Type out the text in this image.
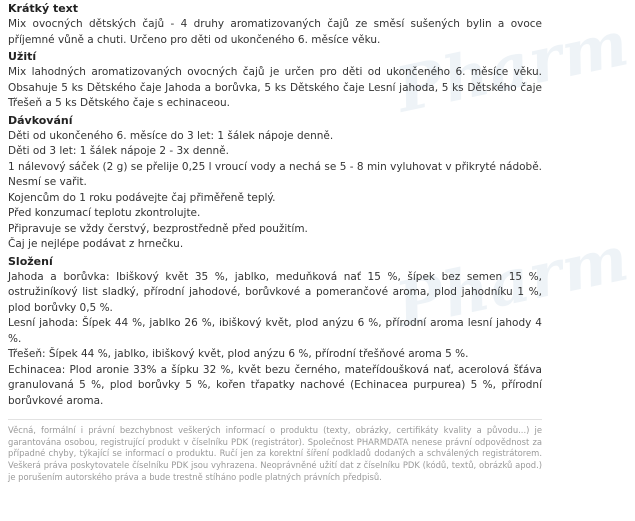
Pharm
Pharm
Krátký text

Mix ovocných dětských čajů - 4 druhy aromatizovaných čajů ze směsí sušených bylin a ovoce příjemné vůně a chuti. Určeno pro děti od ukončeného 6. měsíce věku.

Užití

Mix lahodných aromatizovaných ovocných čajů je určen pro děti od ukončeného 6. měsíce věku. Obsahuje 5 ks Dětského čaje Jahoda a borůvka, 5 ks Dětského čaje Lesní jahoda, 5 ks Dětského čaje Třešeň a 5 ks Dětského čaje s echinaceou.

Dávkování

Děti od ukončeného 6. měsíce do 3 let: 1 šálek nápoje denně.

Děti od 3 let: 1 šálek nápoje 2 - 3x denně.

1 nálevový sáček (2 g) se přelije 0,25 l vroucí vody a nechá se 5 - 8 min vyluhovat v přikryté nádobě. Nesmí se vařit.

Kojencům do 1 roku podávejte čaj přiměřeně teplý.

Před konzumací teplotu zkontrolujte.

Připravuje se vždy čerstvý, bezprostředně před použitím.

Čaj je nejlépe podávat z hrnečku.

Složení

Jahoda a borůvka: Ibiškový květ 35 %, jablko, meduňková nať 15 %, šípek bez semen 15 %, ostružiníkový list sladký, přírodní jahodové, borůvkové a pomerančové aroma, plod jahodníku 1 %, plod borůvky 0,5 %.

Lesní jahoda: Šípek 44 %, jablko 26 %, ibiškový květ, plod anýzu 6 %, přírodní aroma lesní jahody 4 %.

Třešeň: Šípek 44 %, jablko, ibiškový květ, plod anýzu 6 %, přírodní třešňové aroma 5 %.

Echinacea: Plod aronie 33% a šípku 32 %, květ bezu černého, mateřídoušková nať, acerolová šťáva granulovaná 5 %, plod borůvky 5 %, kořen třapatky nachové (Echinacea purpurea) 5 %, přírodní borůvkové aroma.

Věcná, formální i právní bezchybnost veškerých informací o produktu (texty, obrázky, certifikáty kvality a původu...) je garantována osobou, registrující produkt v číselníku PDK (registrátor). Společnost PHARMDATA nenese právní odpovědnost za případné chyby, týkající se informací o produktu. Ručí jen za korektní šíření podkladů dodaných a schválených registrátorem. Veškerá práva poskytovatele číselníku PDK jsou vyhrazena. Neoprávněné užití dat z číselníku PDK (kódů, textů, obrázků apod.) je porušením autorského práva a bude trestně stíháno podle platných právních předpisů.
